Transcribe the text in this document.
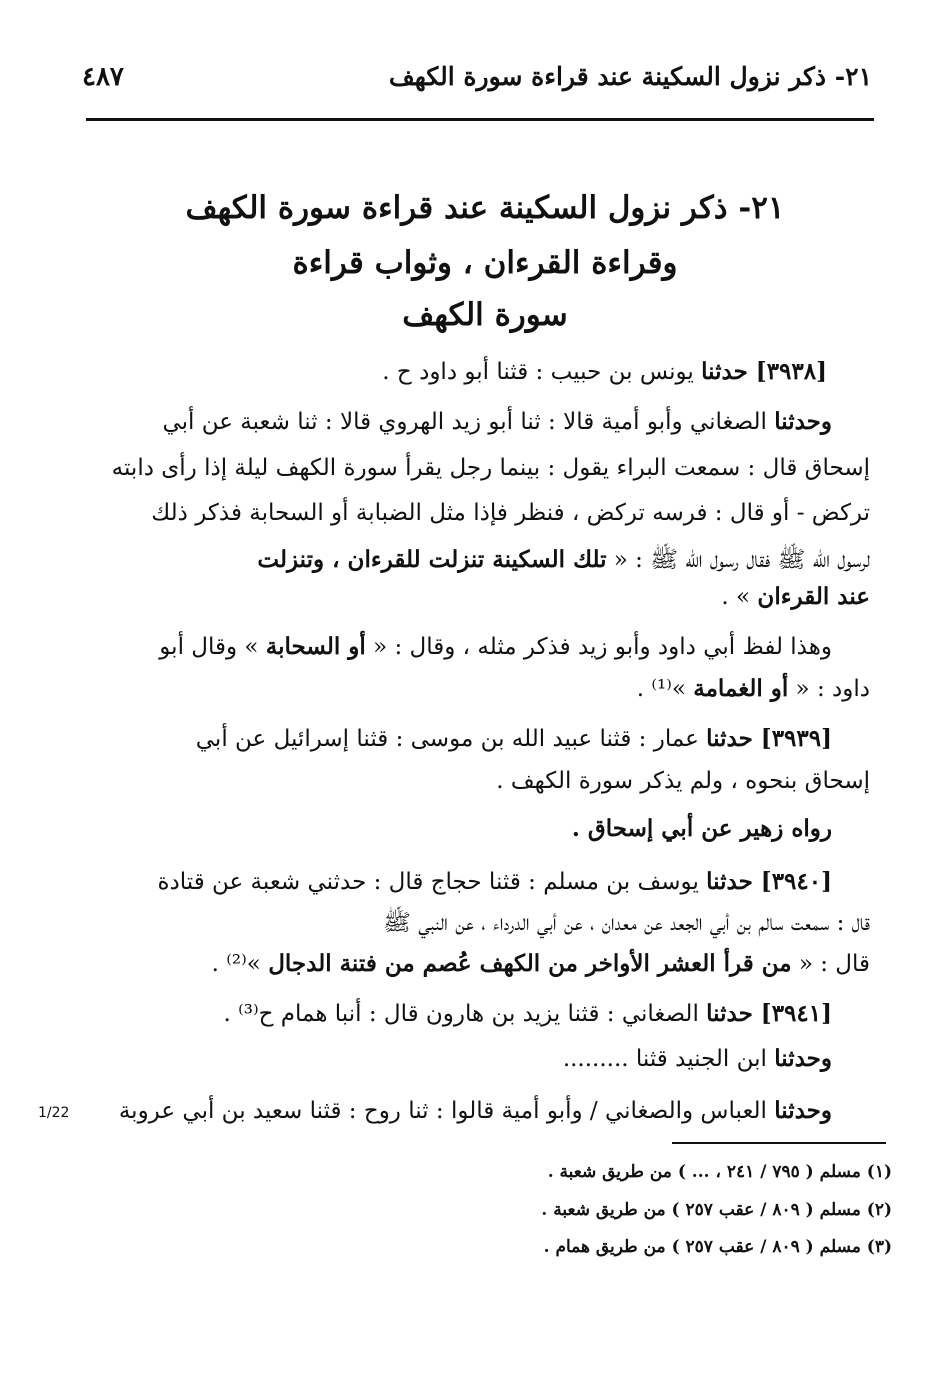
٢١- ذكر نزول السكينة عند قراءة سورة الكهف
٤٨٧
٢١- ذكر نزول السكينة عند قراءة سورة الكهف
وقراءة القرءان ، وثواب قراءة
سورة الكهف
[٣٩٣٨] حدثنا يونس بن حبيب : قثنا أبو داود ح .
وحدثنا الصغاني وأبو أمية قالا : ثنا أبو زيد الهروي قالا : ثنا شعبة عن أبي
إسحاق قال : سمعت البراء يقول : بينما رجل يقرأ سورة الكهف ليلة إذا رأى دابته
تركض - أو قال : فرسه تركض ، فنظر فإذا مثل الضبابة أو السحابة فذكر ذلك
لرسول الله ﷺ فقال رسول الله ﷺ : « تلك السكينة تنزلت للقرءان ، وتنزلت
عند القرءان » .
وهذا لفظ أبي داود وأبو زيد فذكر مثله ، وقال : « أو السحابة » وقال أبو
داود : « أو الغمامة »⁽¹⁾ .
[٣٩٣٩] حدثنا عمار : قثنا عبيد الله بن موسى : قثنا إسرائيل عن أبي
إسحاق بنحوه ، ولم يذكر سورة الكهف .
رواه زهير عن أبي إسحاق .
[٣٩٤٠] حدثنا يوسف بن مسلم : قثنا حجاج قال : حدثني شعبة عن قتادة
قال : سمعت سالم بن أبي الجعد عن معدان ، عن أبي الدرداء ، عن النبي ﷺ
قال : « من قرأ العشر الأواخر من الكهف عُصم من فتنة الدجال »⁽²⁾ .
[٣٩٤١] حدثنا الصغاني : قثنا يزيد بن هارون قال : أنبا همام ح⁽³⁾ .
وحدثنا ابن الجنيد قثنا .........
وحدثنا العباس والصغاني / وأبو أمية قالوا : ثنا روح : قثنا سعيد بن أبي عروبة
1/22
(١) مسلم ( ٧٩٥ / ٢٤١ ، ... ) من طريق شعبة .
(٢) مسلم ( ٨٠٩ / عقب ٢٥٧ ) من طريق شعبة .
(٣) مسلم ( ٨٠٩ / عقب ٢٥٧ ) من طريق همام .
